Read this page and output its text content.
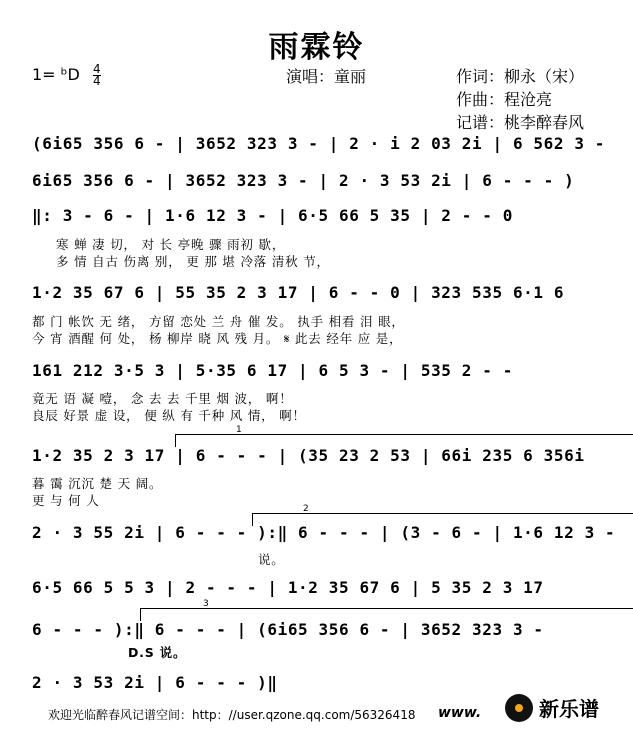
雨霖铃
1= ᵇD $\frac{4}{4}$	演唱：童丽	作词：柳永（宋）
作曲：程沧亮
记谱：桃李醉春风
(6i65 356 6 - | 3652 323 3 - | 2 · i 2 03 2i | 6 562 3 -
6i65 356 6 - | 3652 323 3 - | 2 · 3 53 2i | 6 - - - )
‖: 3 - 6 - | 1·6 12 3 - | 6·5 66 5 35 | 2 - - 0
寒 蝉 凄 切， 对 长 亭晚 骤 雨初 歇，
多 情 自古 伤离 别， 更 那 堪 冷落 清秋 节，
1·2 35 67 6 | 55 35 2 3 17 | 6 - - 0 | 323 535 6·1 6
都 门 帐饮 无 绪， 方留 恋处 兰 舟 催 发。 执手 相看 泪 眼，
今 宵 酒醒 何 处， 杨 柳岸 晓 风 残 月。 𝄋 此去 经年 应 是，
161 212 3·5 3 | 5·35 6 17 | 6 5 3 - | 535 2 - -
竟无 语 凝 噎， 念 去 去 千里 烟 波， 啊！
良辰 好景 虚 设， 便 纵 有 千种 风 情， 啊！
1
1·2 35 2 3 17 | 6 - - - | (35 23 2 53 | 66i 235 6 356i
暮 霭 沉沉 楚 天 阔。
更 与 何 人
2
2 · 3 55 2i | 6 - - - ):‖ 6 - - - | (3 - 6 - | 1·6 12 3 -
说。
6·5 66 5 5 3 | 2 - - - | 1·2 35 67 6 | 5 35 2 3 17
3
6 - - - ):‖ 6 - - - | (6i65 356 6 - | 3652 323 3 -
D.S 说。
2 · 3 53 2i | 6 - - - )‖
欢迎光临醉春风记谱空间：http：//user.qzone.qq.com/56326418 www.	新乐谱
